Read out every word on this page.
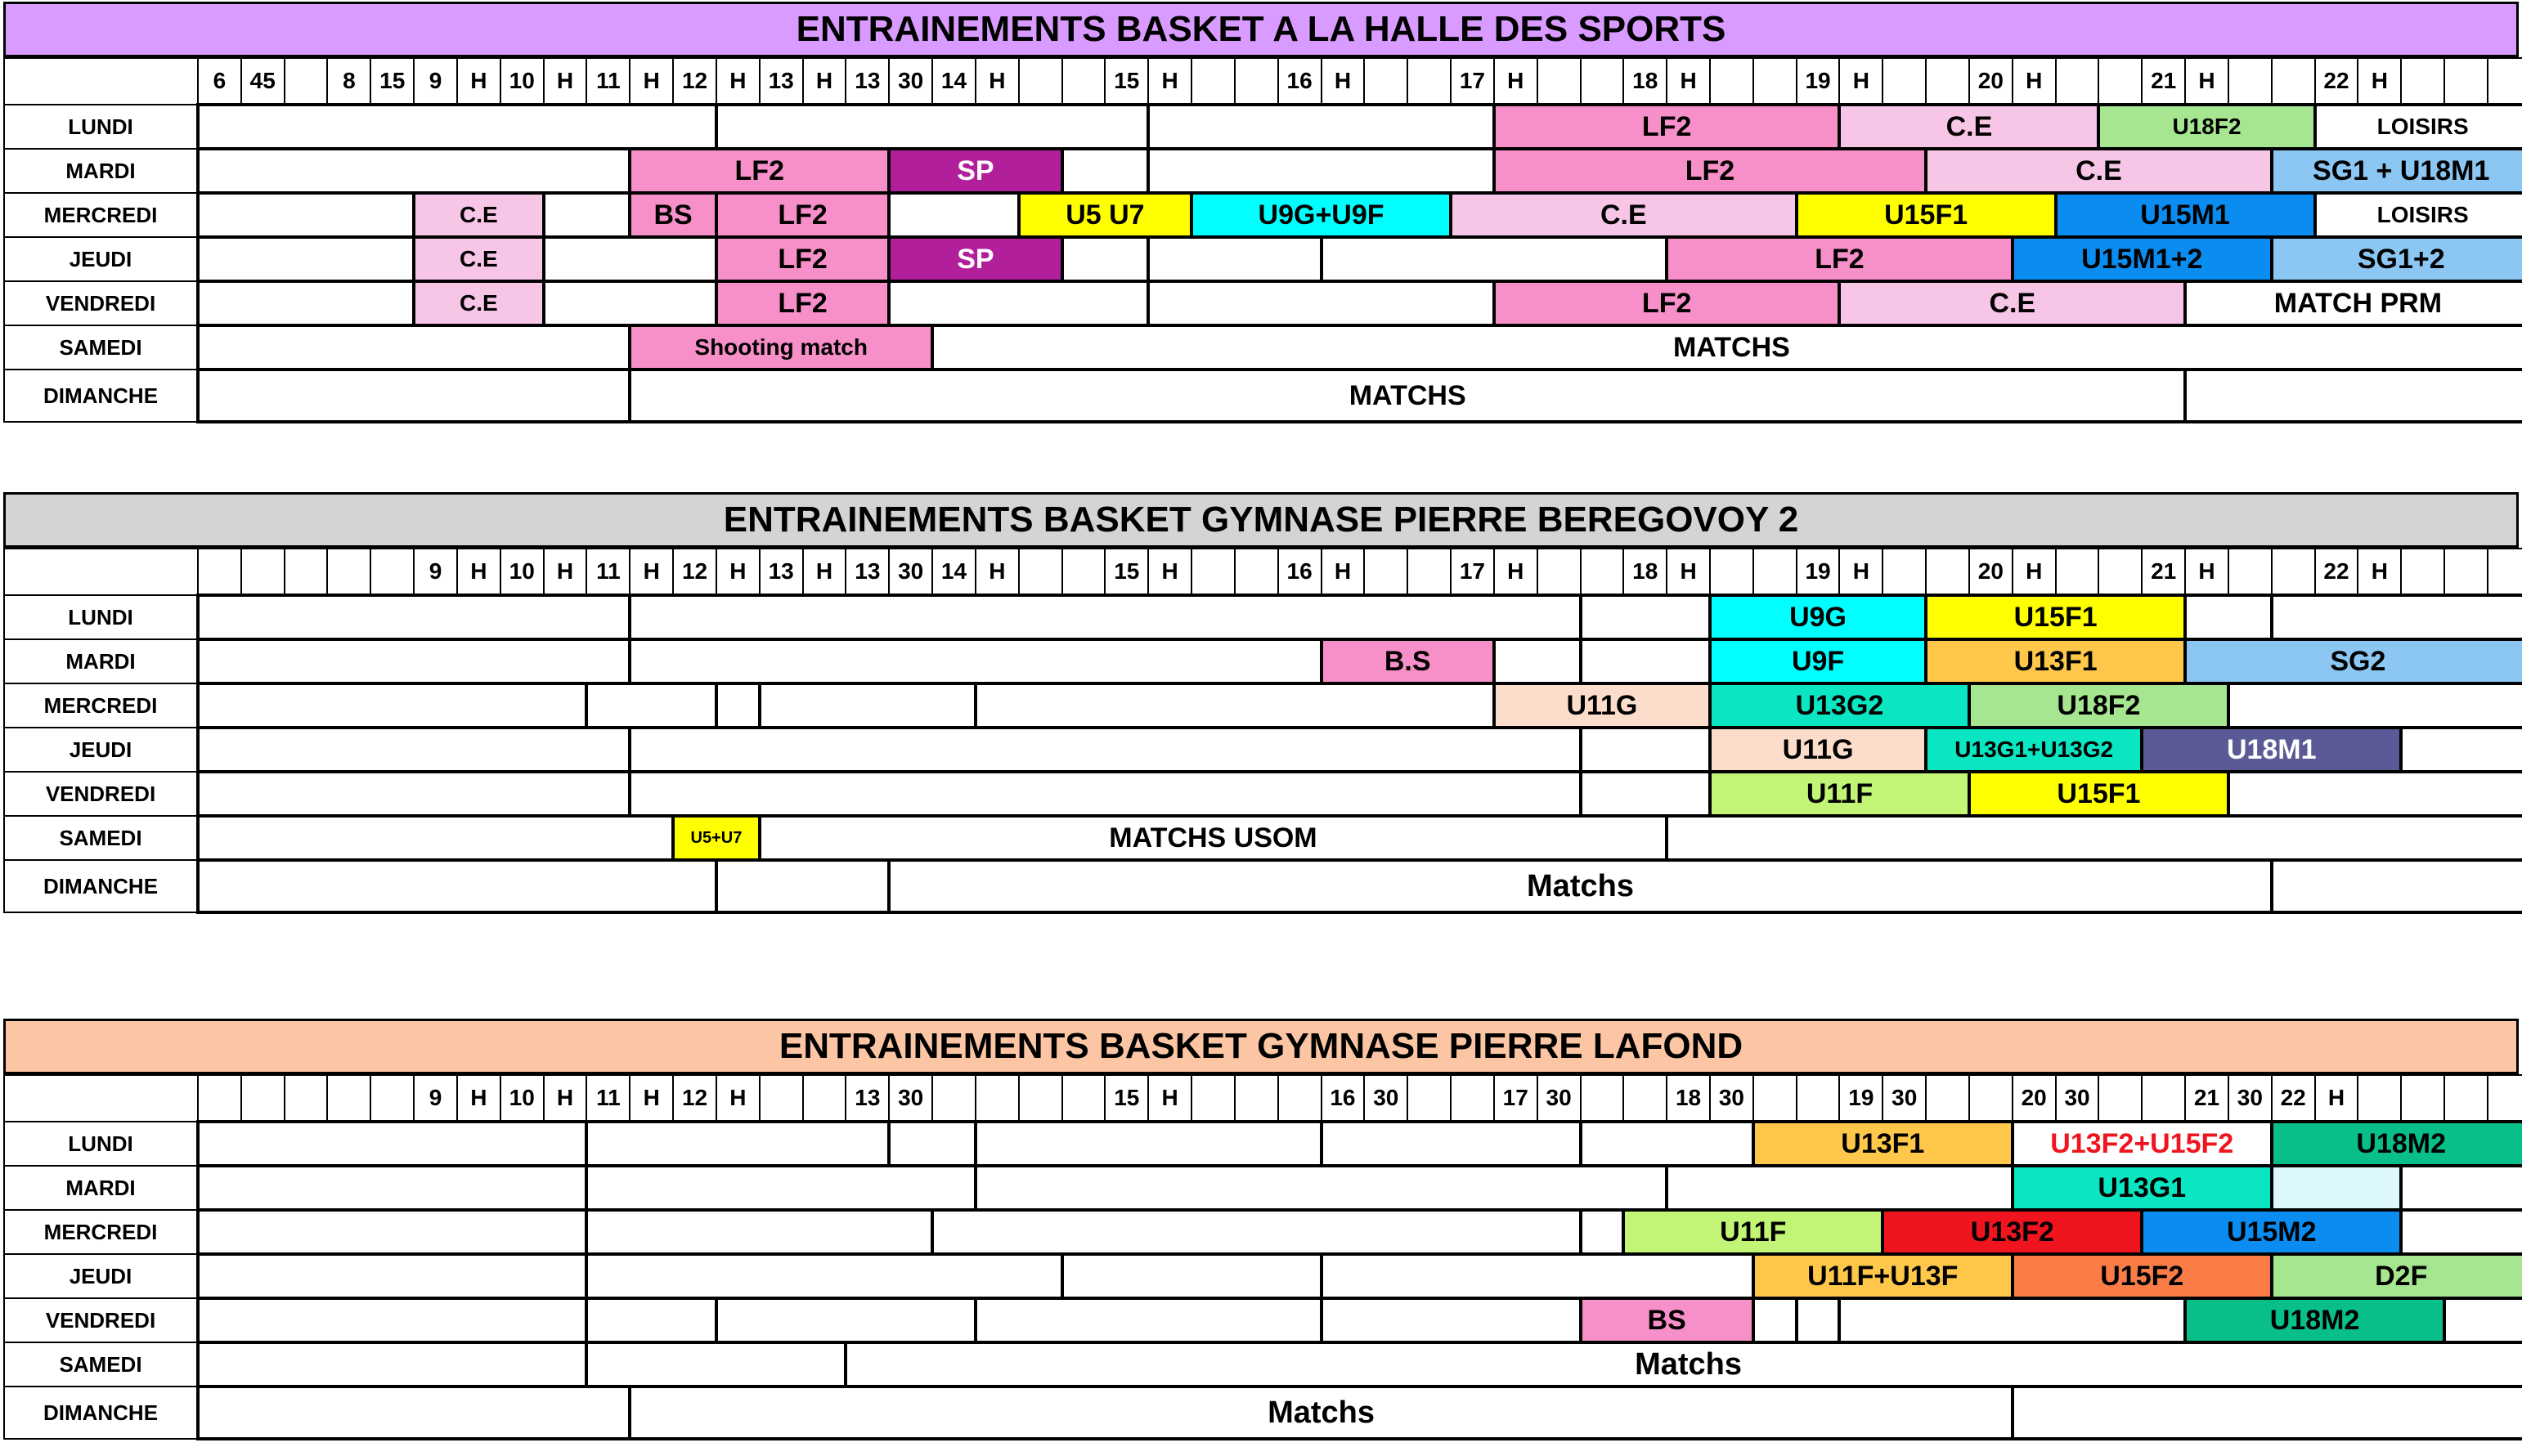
ENTRAINEMENTS BASKET A LA HALLE DES SPORTS
	6	45		8	15	9	H	10	H	11	H	12	H	13	H	13	30	14	H			15	H			16	H			17	H			18	H			19	H			20	H			21	H			22	H			
LUNDI																															LF2								C.E						U18F2					LOISIRS				
MARDI											LF2						SP														LF2										C.E								SG1 + U18M1					
MERCREDI						C.E					BS		LF2							U5 U7				U9G+U9F						C.E								U15F1						U15M1						LOISIRS				
JEUDI						C.E							LF2				SP																		LF2								U15M1+2						SG1+2					
VENDREDI						C.E							LF2																		LF2								C.E								MATCH PRM							
SAMEDI											Shooting match							MATCHS																																				
DIMANCHE											MATCHS																																											
ENTRAINEMENTS BASKET GYMNASE PIERRE BEREGOVOY 2
						9	H	10	H	11	H	12	H	13	H	13	30	14	H			15	H			16	H			17	H			18	H			19	H			20	H			21	H			22	H			
LUNDI																																				U9G					U15F1													
MARDI																											B.S									U9F					U13F1						SG2							
MERCREDI																															U11G					U13G2						U18F2												
JEUDI																																				U11G					U13G1+U13G2					U18M1								
VENDREDI																																				U11F						U15F1												
SAMEDI												U5+U7		MATCHS USOM																																								
DIMANCHE																	Matchs																																					
ENTRAINEMENTS BASKET GYMNASE PIERRE LAFOND
						9	H	10	H	11	H	12	H			13	30					15	H				16	30			17	30			18	30			19	30			20	30			21	30	22	H				
LUNDI																																					U13F1						U13F2+U15F2						U18M2					
MARDI																																											U13G1											
MERCREDI																																		U11F						U13F2						U15M2								
JEUDI																																					U11F+U13F						U15F2						D2F					
VENDREDI																																	BS														U18M2							
SAMEDI																Matchs																																						
DIMANCHE											Matchs																																											
